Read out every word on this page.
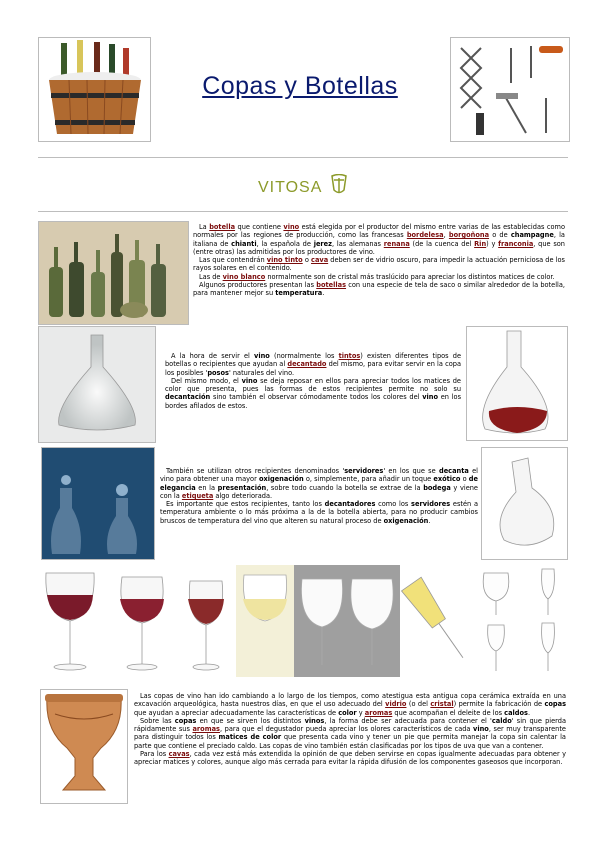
Copas y Botellas
VITOSA

La botella que contiene vino está elegida por el productor del mismo entre varias de las establecidas como normales por las regiones de producción, como las francesas bordelesa, borgoñona o de champagne, la italiana de chianti, la española de jerez, las alemanas renana (de la cuenca del Rin) y franconia, que son (entre otras) las admitidas por los productores de vino.

Las que contendrán vino tinto o cava deben ser de vidrio oscuro, para impedir la actuación perniciosa de los rayos solares en el contenido.

Las de vino blanco normalmente son de cristal más traslúcido para apreciar los distintos matices de color.

Algunos productores presentan las botellas con una especie de tela de saco o similar alrededor de la botella, para mantener mejor su temperatura.

A la hora de servir el vino (normalmente los tintos) existen diferentes tipos de botellas o recipientes que ayudan al decantado del mismo, para evitar servir en la copa los posibles 'posos' naturales del vino.

Del mismo modo, el vino se deja reposar en ellos para apreciar todos los matices de color que presenta, pues las formas de estos recipientes permite no solo su decantación sino también el observar cómodamente todos los colores del vino en los bordes afilados de estos.

También se utilizan otros recipientes denominados 'servidores' en los que se decanta el vino para obtener una mayor oxigenación o, simplemente, para añadir un toque exótico o de elegancia en la presentación, sobre todo cuando la botella se extrae de la bodega y viene con la etiqueta algo deteriorada.

Es importante que estos recipientes, tanto los decantadores como los servidores estén a temperatura ambiente o lo más próxima a la de la botella abierta, para no producir cambios bruscos de temperatura del vino que alteren su natural proceso de oxigenación.

Las copas de vino han ido cambiando a lo largo de los tiempos, como atestigua esta antigua copa cerámica extraída en una excavación arqueológica, hasta nuestros días, en que el uso adecuado del vidrio (o del cristal) permite la fabricación de copas que ayudan a apreciar adecuadamente las características de color y aromas que acompañan el deleite de los caldos.

Sobre las copas en que se sirven los distintos vinos, la forma debe ser adecuada para contener el 'caldo' sin que pierda rápidamente sus aromas, para que el degustador pueda apreciar los olores característicos de cada vino, ser muy transparente para distinguir todos los matices de color que presenta cada vino y tener un pie que permita manejar la copa sin calentar la parte que contiene el preciado caldo. Las copas de vino también están clasificadas por los tipos de uva que van a contener.

Para los cavas, cada vez está más extendida la opinión de que deben servirse en copas igualmente adecuadas para obtener y apreciar matices y colores, aunque algo más cerrada para evitar la rápida difusión de los componentes gaseosos que incorporan.
